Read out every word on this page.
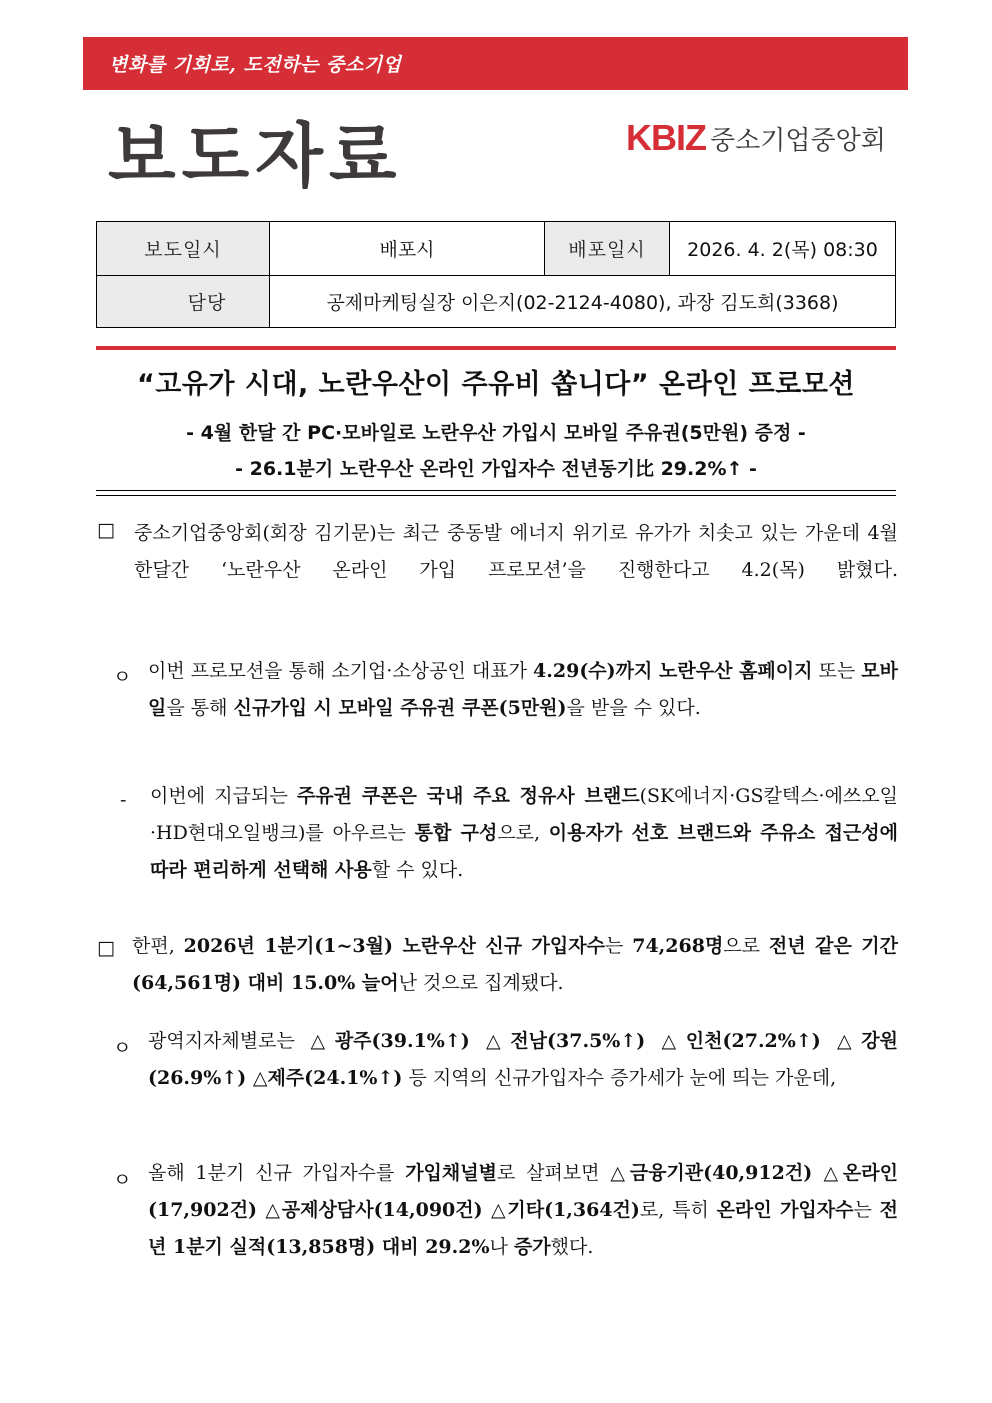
변화를 기회로, 도전하는 중소기업
보도자료	KBIZ 중소기업중앙회
보도일시	배포시	배포일시	2026. 4. 2(목) 08:30
담당	공제마케팅실장 이은지(02-2124-4080), 과장 김도희(3368)		
“고유가 시대, 노란우산이 주유비 쏩니다” 온라인 프로모션
- 4월 한달 간 PC·모바일로 노란우산 가입시 모바일 주유권(5만원) 증정 -
- 26.1분기 노란우산 온라인 가입자수 전년동기比 29.2%↑ -
□ 중소기업중앙회(회장 김기문)는 최근 중동발 에너지 위기로 유가가 치솟고 있는 가운데 4월 한달간 ‘노란우산 온라인 가입 프로모션’을 진행한다고 4.2(목) 밝혔다.
ㅇ 이번 프로모션을 통해 소기업·소상공인 대표가 4.29(수)까지 노란우산 홈페이지 또는 모바일을 통해 신규가입 시 모바일 주유권 쿠폰(5만원)을 받을 수 있다.
- 이번에 지급되는 주유권 쿠폰은 국내 주요 정유사 브랜드(SK에너지·GS칼텍스·에쓰오일·HD현대오일뱅크)를 아우르는 통합 구성으로, 이용자가 선호 브랜드와 주유소 접근성에 따라 편리하게 선택해 사용할 수 있다.
□ 한편, 2026년 1분기(1~3월) 노란우산 신규 가입자수는 74,268명으로 전년 같은 기간(64,561명) 대비 15.0% 늘어난 것으로 집계됐다.
ㅇ 광역지자체별로는 △광주(39.1%↑) △전남(37.5%↑) △인천(27.2%↑) △강원(26.9%↑) △제주(24.1%↑) 등 지역의 신규가입자수 증가세가 눈에 띄는 가운데,
ㅇ 올해 1분기 신규 가입자수를 가입채널별로 살펴보면 △금융기관(40,912건) △온라인(17,902건) △공제상담사(14,090건) △기타(1,364건)로, 특히 온라인 가입자수는 전년 1분기 실적(13,858명) 대비 29.2%나 증가했다.
